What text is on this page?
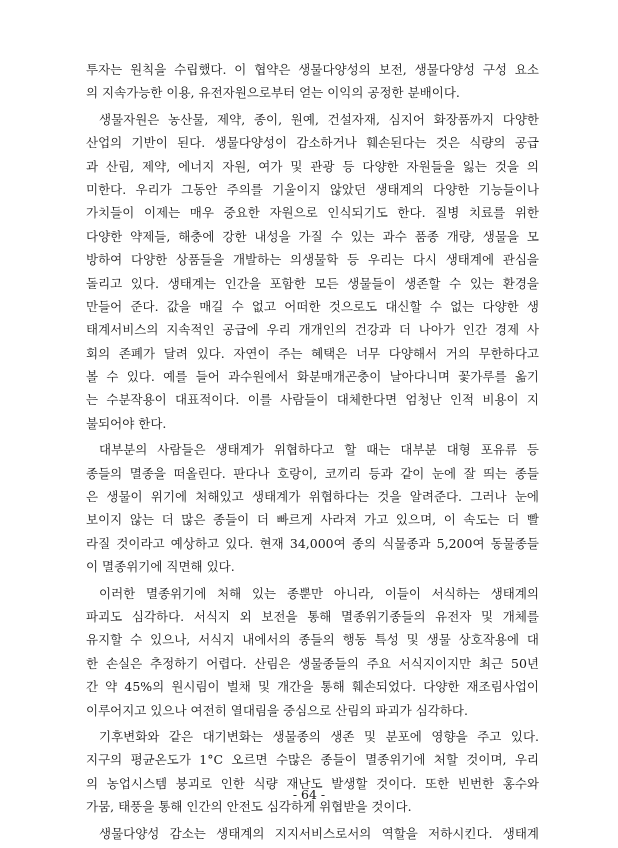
투자는 원칙을 수립했다. 이 협약은 생물다양성의 보전, 생물다양성 구성 요소
의 지속가능한 이용, 유전자원으로부터 얻는 이익의 공정한 분배이다.
생물자원은 농산물, 제약, 종이, 원예, 건설자재, 심지어 화장품까지 다양한
산업의 기반이 된다. 생물다양성이 감소하거나 훼손된다는 것은 식량의 공급
과 산림, 제약, 에너지 자원, 여가 및 관광 등 다양한 자원들을 잃는 것을 의
미한다. 우리가 그동안 주의를 기울이지 않았던 생태계의 다양한 기능들이나
가치들이 이제는 매우 중요한 자원으로 인식되기도 한다. 질병 치료를 위한
다양한 약제들, 해충에 강한 내성을 가질 수 있는 과수 품종 개량, 생물을 모
방하여 다양한 상품들을 개발하는 의생물학 등 우리는 다시 생태계에 관심을
돌리고 있다. 생태계는 인간을 포함한 모든 생물들이 생존할 수 있는 환경을
만들어 준다. 값을 매길 수 없고 어떠한 것으로도 대신할 수 없는 다양한 생
태계서비스의 지속적인 공급에 우리 개개인의 건강과 더 나아가 인간 경제 사
회의 존폐가 달려 있다. 자연이 주는 혜택은 너무 다양해서 거의 무한하다고
볼 수 있다. 예를 들어 과수원에서 화분매개곤충이 날아다니며 꽃가루를 옮기
는 수분작용이 대표적이다. 이를 사람들이 대체한다면 엄청난 인적 비용이 지
불되어야 한다.
대부분의 사람들은 생태계가 위협하다고 할 때는 대부분 대형 포유류 등
종들의 멸종을 떠올린다. 판다나 호랑이, 코끼리 등과 같이 눈에 잘 띄는 종들
은 생물이 위기에 처해있고 생태계가 위협하다는 것을 알려준다. 그러나 눈에
보이지 않는 더 많은 종들이 더 빠르게 사라져 가고 있으며, 이 속도는 더 빨
라질 것이라고 예상하고 있다. 현재 34,000여 종의 식물종과 5,200여 동물종들
이 멸종위기에 직면해 있다.
이러한 멸종위기에 처해 있는 종뿐만 아니라, 이들이 서식하는 생태계의
파괴도 심각하다. 서식지 외 보전을 통해 멸종위기종들의 유전자 및 개체를
유지할 수 있으나, 서식지 내에서의 종들의 행동 특성 및 생물 상호작용에 대
한 손실은 추정하기 어렵다. 산림은 생물종들의 주요 서식지이지만 최근 50년
간 약 45%의 원시림이 벌채 및 개간을 통해 훼손되었다. 다양한 재조림사업이
이루어지고 있으나 여전히 열대림을 중심으로 산림의 파괴가 심각하다.
기후변화와 같은 대기변화는 생물종의 생존 및 분포에 영향을 주고 있다.
지구의 평균온도가 1°C 오르면 수많은 종들이 멸종위기에 처할 것이며, 우리
의 농업시스템 붕괴로 인한 식량 재난도 발생할 것이다. 또한 빈번한 홍수와
가뭄, 태풍을 통해 인간의 안전도 심각하게 위협받을 것이다.
생물다양성 감소는 생태계의 지지서비스로서의 역할을 저하시킨다. 생태계
- 64 -
